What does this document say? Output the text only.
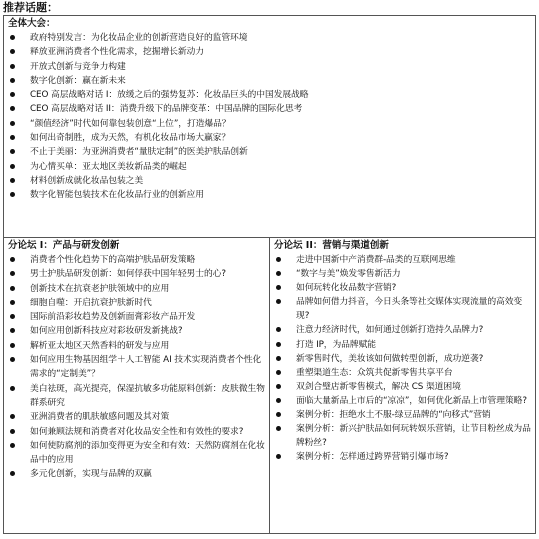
推荐话题：
全体大会：
政府特别发言：为化妆品企业的创新营造良好的监管环境
释放亚洲消费者个性化需求，挖掘增长新动力
开放式创新与竞争力构建
数字化创新：赢在新未来
CEO 高层战略对话 I：放缓之后的强势复苏：化妆品巨头的中国发展战略
CEO 高层战略对话 II：消费升级下的品牌变革：中国品牌的国际化思考
“颜值经济”时代如何靠包装创意“上位”，打造爆品？
如何出奇制胜，成为天然，有机化妆品市场大赢家？
不止于美丽：为亚洲消费者“量肤定制”的医美护肤品创新
为心情买单：亚太地区美妆新品类的崛起
材料创新成就化妆品包装之美
数字化智能包装技术在化妆品行业的创新应用

分论坛 I：产品与研发创新
消费者个性化趋势下的高端护肤品研发策略
男士护肤品研发创新：如何俘获中国年轻男士的心?
创新技术在抗衰老护肤领域中的应用
细胞自噬：开启抗衰护肤新时代
国际前沿彩妆趋势及创新面膏彩妆产品开发
如何应用创新科技应对彩妆研发新挑战?
解析亚太地区天然香料的研发与应用
如何应用生物基因组学＋人工智能 AI 技术实现消费者个性化需求的“定制美”？
美白祛斑，高光提亮，保湿抗敏多功能原料创新：皮肤微生物群系研究
亚洲消费者的肌肤敏感问题及其对策
如何兼顾法规和消费者对化妆品安全性和有效性的要求?
如何使防腐剂的添加变得更为安全和有效：天然防腐剂在化妆品中的应用
多元化创新，实现与品牌的双赢

分论坛 II：营销与渠道创新
走进中国新中产消费群-品类的互联网思维
“数字与美”焕发零售新活力
如何玩转化妆品数字营销?
品牌如何借力抖音，今日头条等社交媒体实现流量的高效变现?
注意力经济时代，如何通过创新打造持久品牌力?
打造 IP，为品牌赋能
新零售时代，美妆该如何做转型创新，成功逆袭?
重塑渠道生态：众筑共促新零售共享平台
双剑合璧店新零售模式，解决 CS 渠道困境
面临大量新品上市后的“凉凉”，如何优化新品上市管理策略?
案例分析：拒绝水土不服-绿豆品牌的“向移式”营销
案例分析：新兴护肤品如何玩转娱乐营销，让节目粉丝成为品牌粉丝?
案例分析：怎样通过跨界营销引爆市场?
